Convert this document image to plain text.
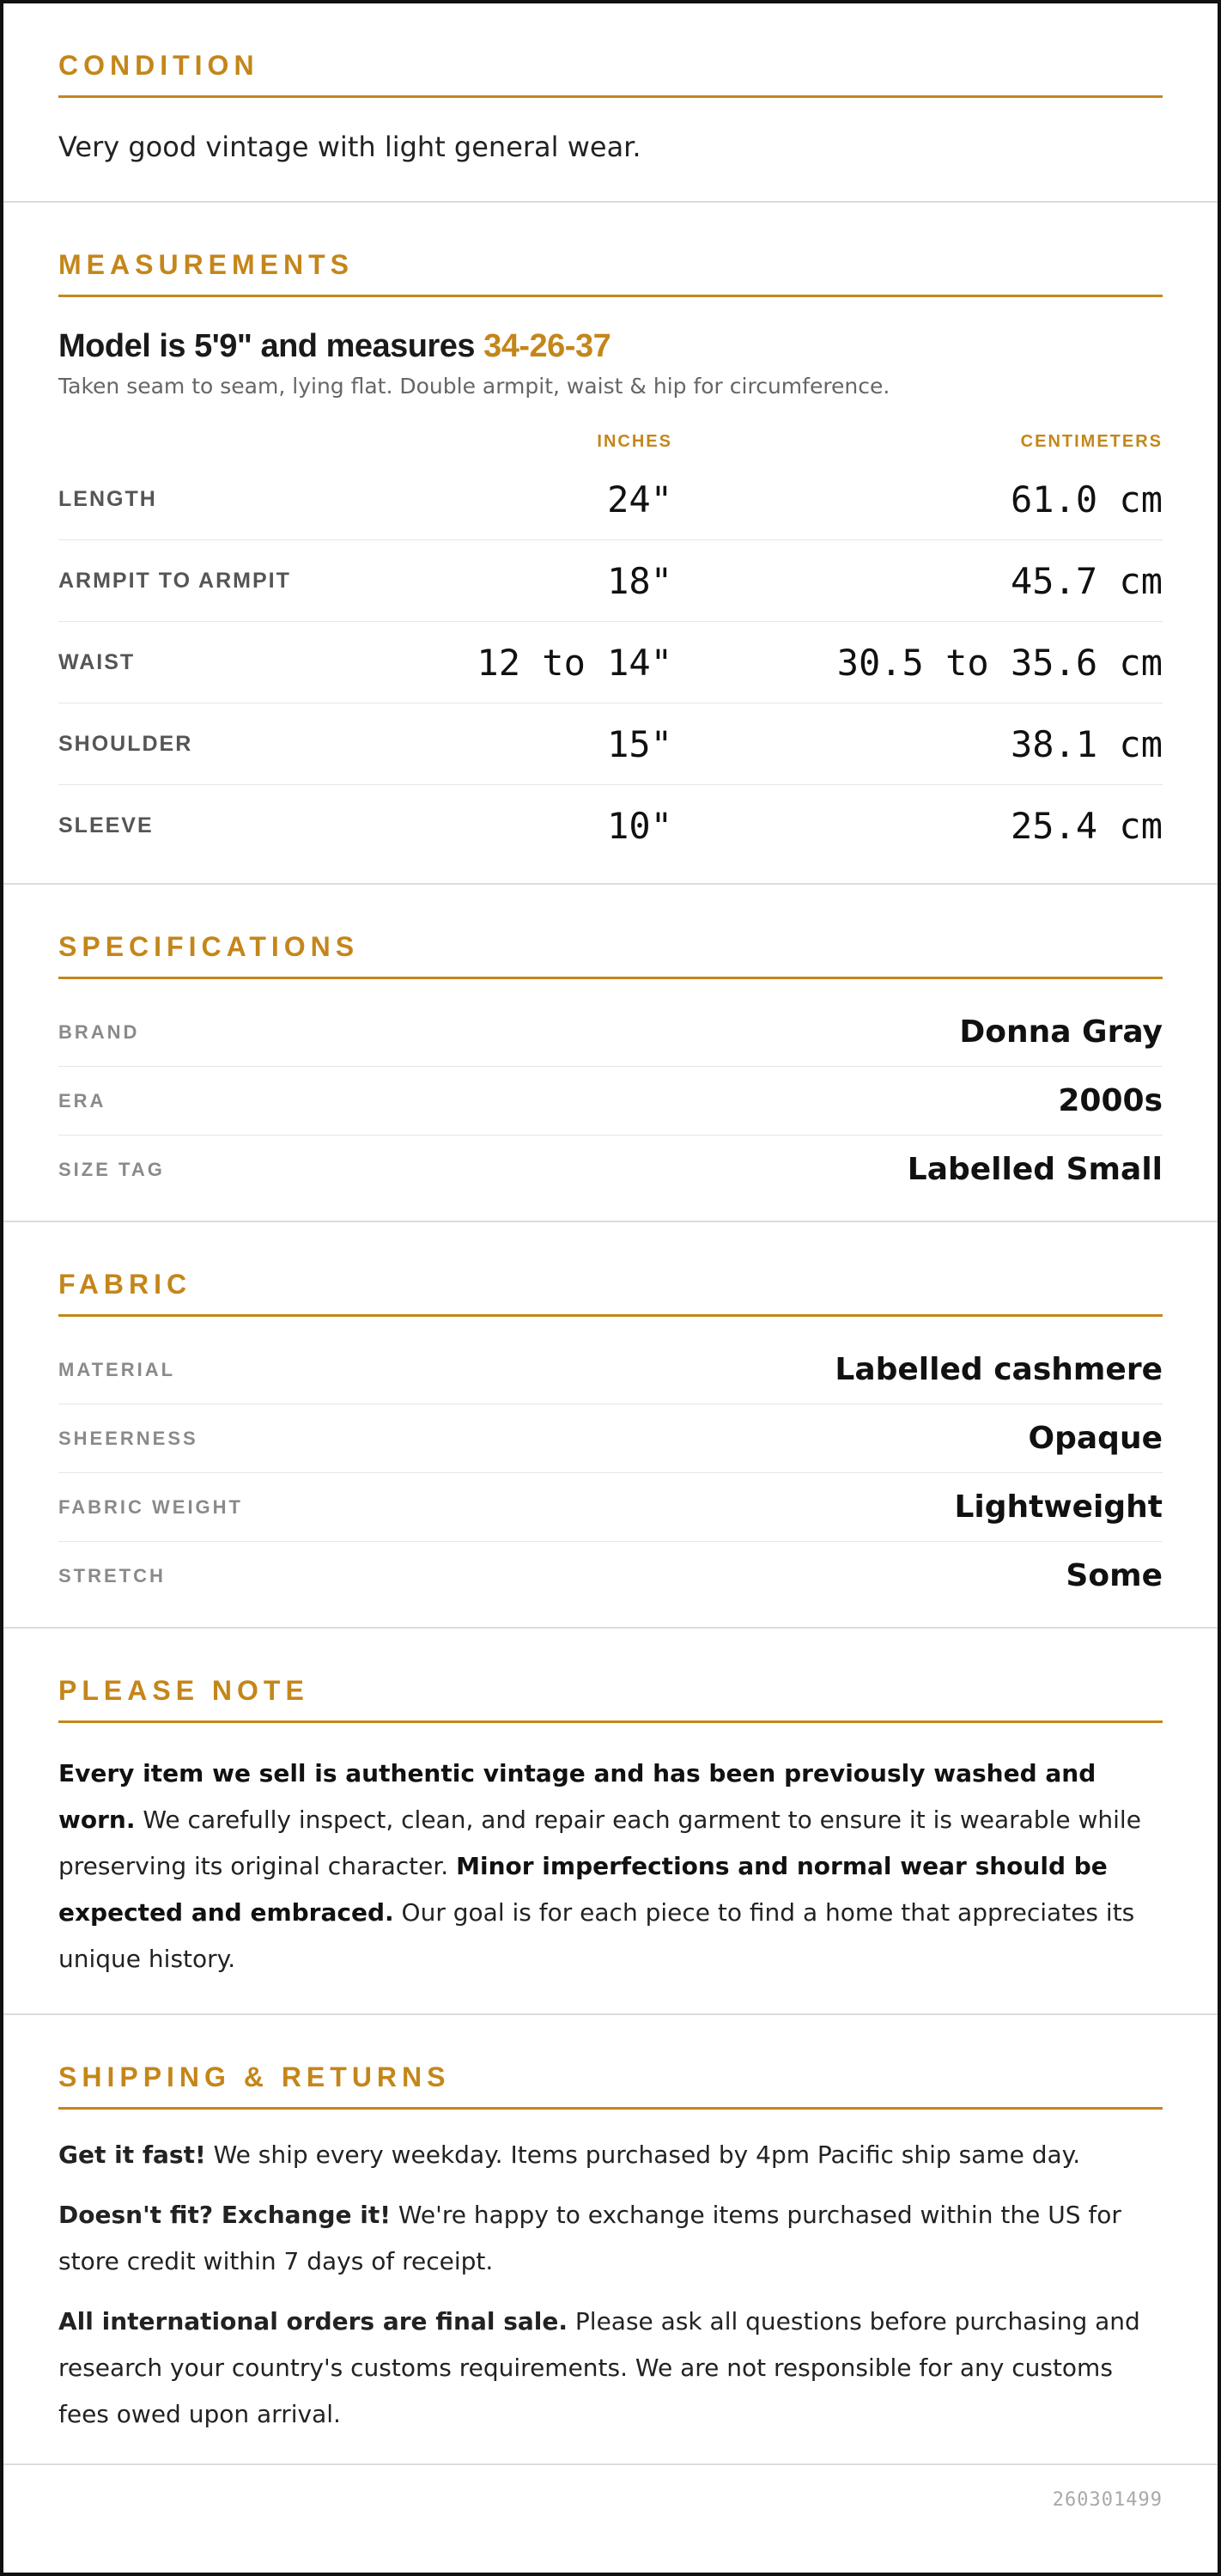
CONDITION
Very good vintage with light general wear.
MEASUREMENTS
Model is 5'9" and measures 34-26-37
Taken seam to seam, lying flat. Double armpit, waist & hip for circumference.
INCHES	CENTIMETERS
LENGTH	24"	61.0 cm
ARMPIT TO ARMPIT	18"	45.7 cm
WAIST	12 to 14"	30.5 to 35.6 cm
SHOULDER	15"	38.1 cm
SLEEVE	10"	25.4 cm
SPECIFICATIONS
BRAND	Donna Gray
ERA	2000s
SIZE TAG	Labelled Small
FABRIC
MATERIAL	Labelled cashmere
SHEERNESS	Opaque
FABRIC WEIGHT	Lightweight
STRETCH	Some
PLEASE NOTE
Every item we sell is authentic vintage and has been previously washed and worn. We carefully inspect, clean, and repair each garment to ensure it is wearable while preserving its original character. Minor imperfections and normal wear should be expected and embraced. Our goal is for each piece to find a home that appreciates its unique history.
SHIPPING & RETURNS

Get it fast! We ship every weekday. Items purchased by 4pm Pacific ship same day.

Doesn't fit? Exchange it! We're happy to exchange items purchased within the US for store credit within 7 days of receipt.

All international orders are final sale. Please ask all questions before purchasing and research your country's customs requirements. We are not responsible for any customs fees owed upon arrival.

260301499
